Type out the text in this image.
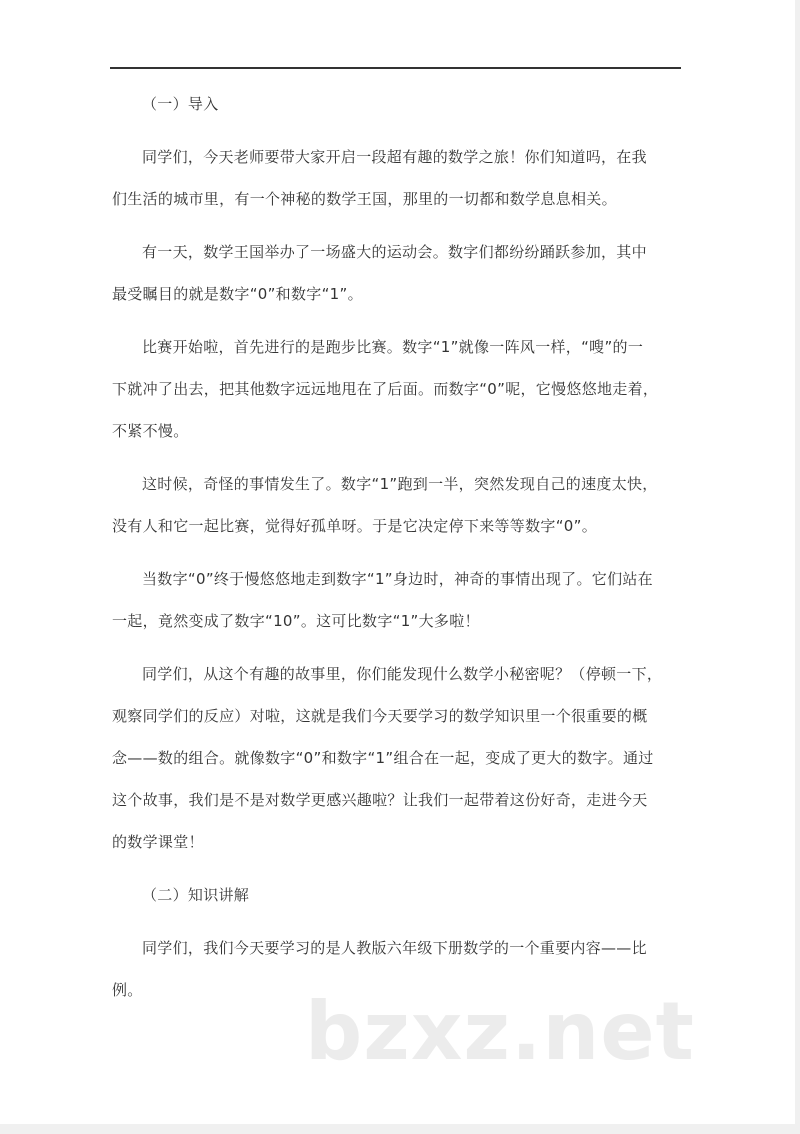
（一）导入
同学们，今天老师要带大家开启一段超有趣的数学之旅！你们知道吗，在我
们生活的城市里，有一个神秘的数学王国，那里的一切都和数学息息相关。
有一天，数学王国举办了一场盛大的运动会。数字们都纷纷踊跃参加，其中
最受瞩目的就是数字“0”和数字“1”。
比赛开始啦，首先进行的是跑步比赛。数字“1”就像一阵风一样，“嗖”的一
下就冲了出去，把其他数字远远地甩在了后面。而数字“0”呢，它慢悠悠地走着，
不紧不慢。
这时候，奇怪的事情发生了。数字“1”跑到一半，突然发现自己的速度太快，
没有人和它一起比赛，觉得好孤单呀。于是它决定停下来等等数字“0”。
当数字“0”终于慢悠悠地走到数字“1”身边时，神奇的事情出现了。它们站在
一起，竟然变成了数字“10”。这可比数字“1”大多啦！
同学们，从这个有趣的故事里，你们能发现什么数学小秘密呢？（停顿一下，
观察同学们的反应）对啦，这就是我们今天要学习的数学知识里一个很重要的概
念——数的组合。就像数字“0”和数字“1”组合在一起，变成了更大的数字。通过
这个故事，我们是不是对数学更感兴趣啦？让我们一起带着这份好奇，走进今天
的数学课堂！
（二）知识讲解
同学们，我们今天要学习的是人教版六年级下册数学的一个重要内容——比
例。 bzxz.net
